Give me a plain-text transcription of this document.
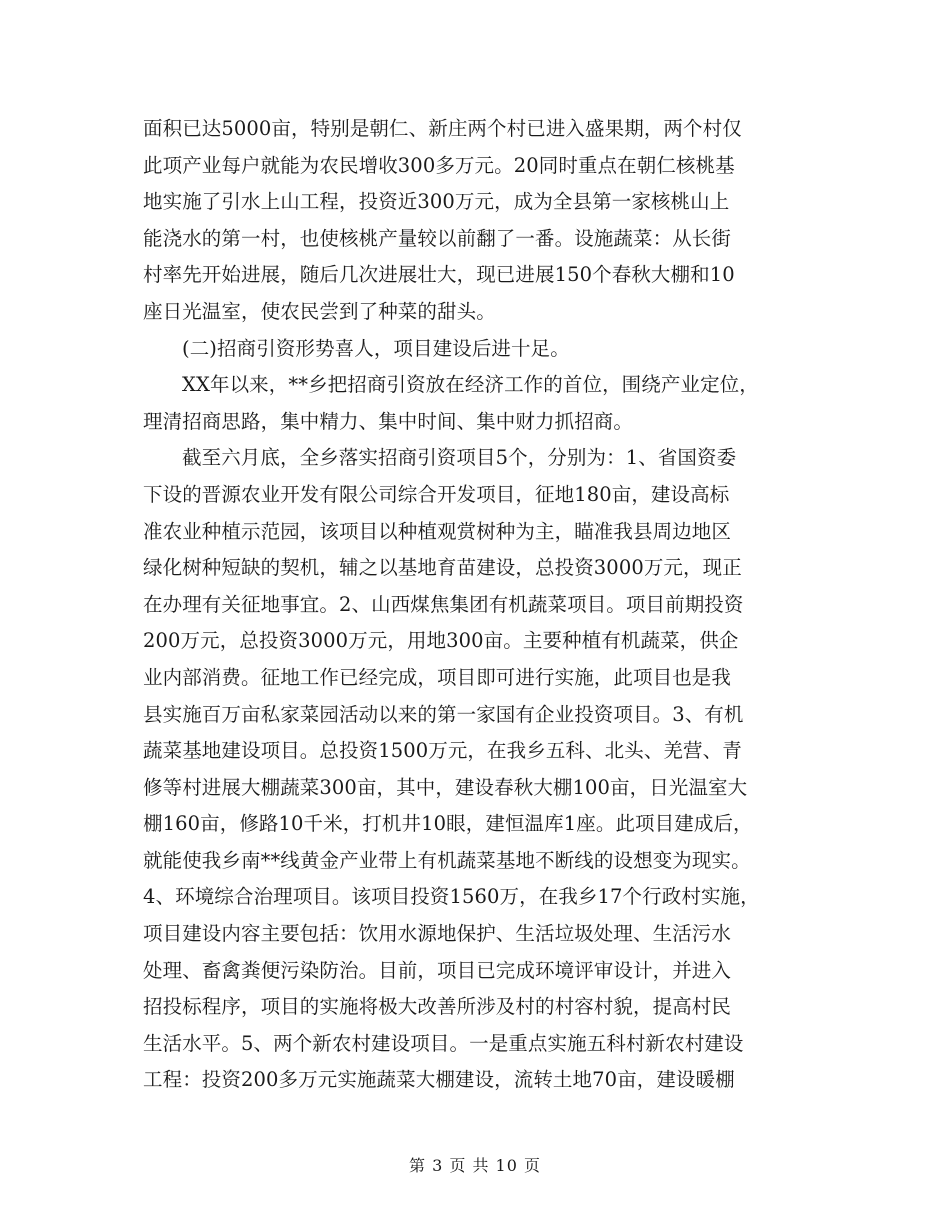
面积已达5000亩，特别是朝仁、新庄两个村已进入盛果期，两个村仅
此项产业每户就能为农民增收300多万元。20同时重点在朝仁核桃基
地实施了引水上山工程，投资近300万元，成为全县第一家核桃山上
能浇水的第一村，也使核桃产量较以前翻了一番。设施蔬菜：从长街
村率先开始进展，随后几次进展壮大，现已进展150个春秋大棚和10
座日光温室，使农民尝到了种菜的甜头。
(二)招商引资形势喜人，项目建设后进十足。
XX年以来，**乡把招商引资放在经济工作的首位，围绕产业定位，
理清招商思路，集中精力、集中时间、集中财力抓招商。
截至六月底，全乡落实招商引资项目5个，分别为：1、省国资委
下设的晋源农业开发有限公司综合开发项目，征地180亩，建设高标
准农业种植示范园，该项目以种植观赏树种为主，瞄准我县周边地区
绿化树种短缺的契机，辅之以基地育苗建设，总投资3000万元，现正
在办理有关征地事宜。2、山西煤焦集团有机蔬菜项目。项目前期投资
200万元，总投资3000万元，用地300亩。主要种植有机蔬菜，供企
业内部消费。征地工作已经完成，项目即可进行实施，此项目也是我
县实施百万亩私家菜园活动以来的第一家国有企业投资项目。3、有机
蔬菜基地建设项目。总投资1500万元，在我乡五科、北头、羌营、青
修等村进展大棚蔬菜300亩，其中，建设春秋大棚100亩，日光温室大
棚160亩，修路10千米，打机井10眼，建恒温库1座。此项目建成后，
就能使我乡南**线黄金产业带上有机蔬菜基地不断线的设想变为现实。
4、环境综合治理项目。该项目投资1560万，在我乡17个行政村实施，
项目建设内容主要包括：饮用水源地保护、生活垃圾处理、生活污水
处理、畜禽粪便污染防治。目前，项目已完成环境评审设计，并进入
招投标程序，项目的实施将极大改善所涉及村的村容村貌，提高村民
生活水平。5、两个新农村建设项目。一是重点实施五科村新农村建设
工程：投资200多万元实施蔬菜大棚建设，流转土地70亩，建设暖棚
第 3 页 共 10 页
